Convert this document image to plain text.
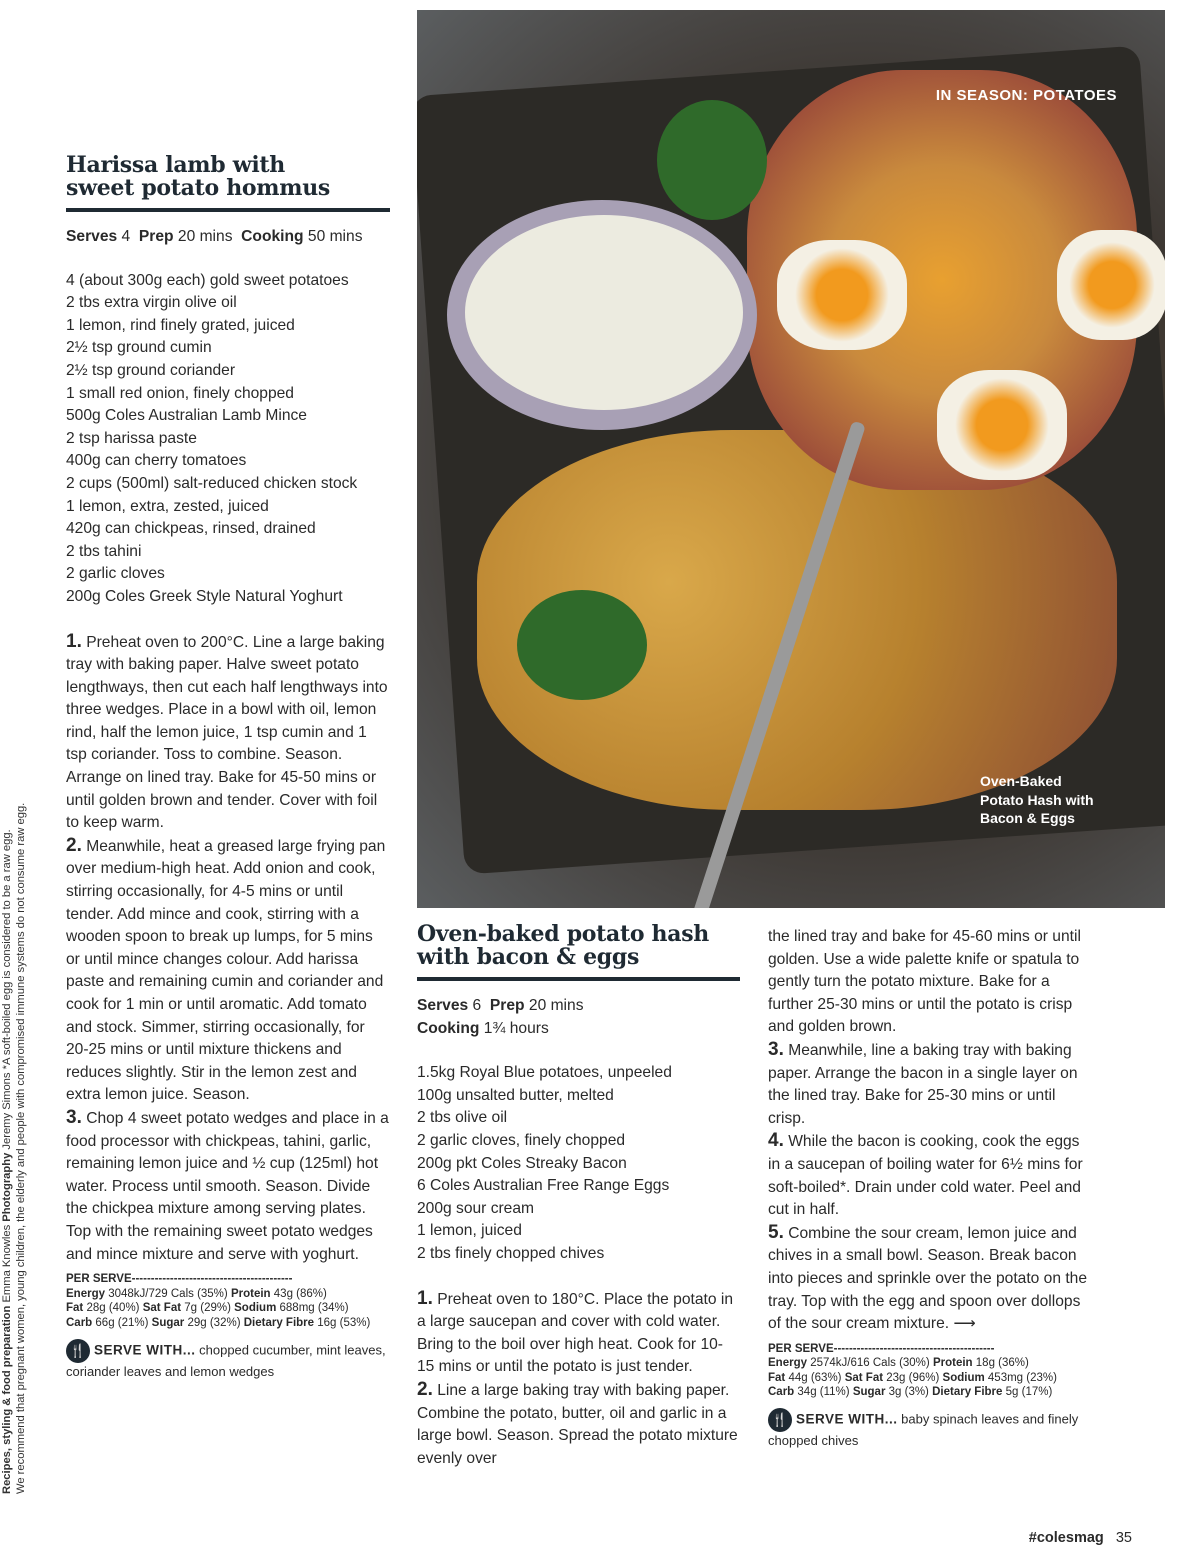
IN SEASON: POTATOES
Oven-Baked
Potato Hash with
Bacon & Eggs
Harissa lamb with
sweet potato hommus
Serves 4 Prep 20 mins Cooking 50 mins
4 (about 300g each) gold sweet potatoes
2 tbs extra virgin olive oil
1 lemon, rind finely grated, juiced
2½ tsp ground cumin
2½ tsp ground coriander
1 small red onion, finely chopped
500g Coles Australian Lamb Mince
2 tsp harissa paste
400g can cherry tomatoes
2 cups (500ml) salt-reduced chicken stock
1 lemon, extra, zested, juiced
420g can chickpeas, rinsed, drained
2 tbs tahini
2 garlic cloves
200g Coles Greek Style Natural Yoghurt

1. Preheat oven to 200°C. Line a large baking tray with baking paper. Halve sweet potato lengthways, then cut each half lengthways into three wedges. Place in a bowl with oil, lemon rind, half the lemon juice, 1 tsp cumin and 1 tsp coriander. Toss to combine. Season. Arrange on lined tray. Bake for 45-50 mins or until golden brown and tender. Cover with foil to keep warm.

2. Meanwhile, heat a greased large frying pan over medium-high heat. Add onion and cook, stirring occasionally, for 4-5 mins or until tender. Add mince and cook, stirring with a wooden spoon to break up lumps, for 5 mins or until mince changes colour. Add harissa paste and remaining cumin and coriander and cook for 1 min or until aromatic. Add tomato and stock. Simmer, stirring occasionally, for 20-25 mins or until mixture thickens and reduces slightly. Stir in the lemon zest and extra lemon juice. Season.

3. Chop 4 sweet potato wedges and place in a food processor with chickpeas, tahini, garlic, remaining lemon juice and ½ cup (125ml) hot water. Process until smooth. Season. Divide the chickpea mixture among serving plates. Top with the remaining sweet potato wedges and mince mixture and serve with yoghurt.

PER SERVE------------------------------------------
Energy 3048kJ/729 Cals (35%) Protein 43g (86%)
Fat 28g (40%) Sat Fat 7g (29%) Sodium 688mg (34%)
Carb 66g (21%) Sugar 29g (32%) Dietary Fibre 16g (53%)
🍴 SERVE WITH... chopped cucumber, mint leaves, coriander leaves and lemon wedges
Oven-baked potato hash
with bacon & eggs
Serves 6 Prep 20 mins
Cooking 1¾ hours
1.5kg Royal Blue potatoes, unpeeled
100g unsalted butter, melted
2 tbs olive oil
2 garlic cloves, finely chopped
200g pkt Coles Streaky Bacon
6 Coles Australian Free Range Eggs
200g sour cream
1 lemon, juiced
2 tbs finely chopped chives

1. Preheat oven to 180°C. Place the potato in a large saucepan and cover with cold water. Bring to the boil over high heat. Cook for 10-15 mins or until the potato is just tender.

2. Line a large baking tray with baking paper. Combine the potato, butter, oil and garlic in a large bowl. Season. Spread the potato mixture evenly over

the lined tray and bake for 45-60 mins or until golden. Use a wide palette knife or spatula to gently turn the potato mixture. Bake for a further 25-30 mins or until the potato is crisp and golden brown.

3. Meanwhile, line a baking tray with baking paper. Arrange the bacon in a single layer on the lined tray. Bake for 25-30 mins or until crisp.

4. While the bacon is cooking, cook the eggs in a saucepan of boiling water for 6½ mins for soft-boiled*. Drain under cold water. Peel and cut in half.

5. Combine the sour cream, lemon juice and chives in a small bowl. Season. Break bacon into pieces and sprinkle over the potato on the tray. Top with the egg and spoon over dollops of the sour cream mixture. ⟶

PER SERVE------------------------------------------
Energy 2574kJ/616 Cals (30%) Protein 18g (36%)
Fat 44g (63%) Sat Fat 23g (96%) Sodium 453mg (23%)
Carb 34g (11%) Sugar 3g (3%) Dietary Fibre 5g (17%)
🍴 SERVE WITH... baby spinach leaves and finely chopped chives
Recipes, styling & food preparation Emma Knowles Photography Jeremy Simons *A soft-boiled egg is considered to be a raw egg. We recommend that pregnant women, young children, the elderly and people with compromised immune systems do not consume raw egg.
#colesmag 35
